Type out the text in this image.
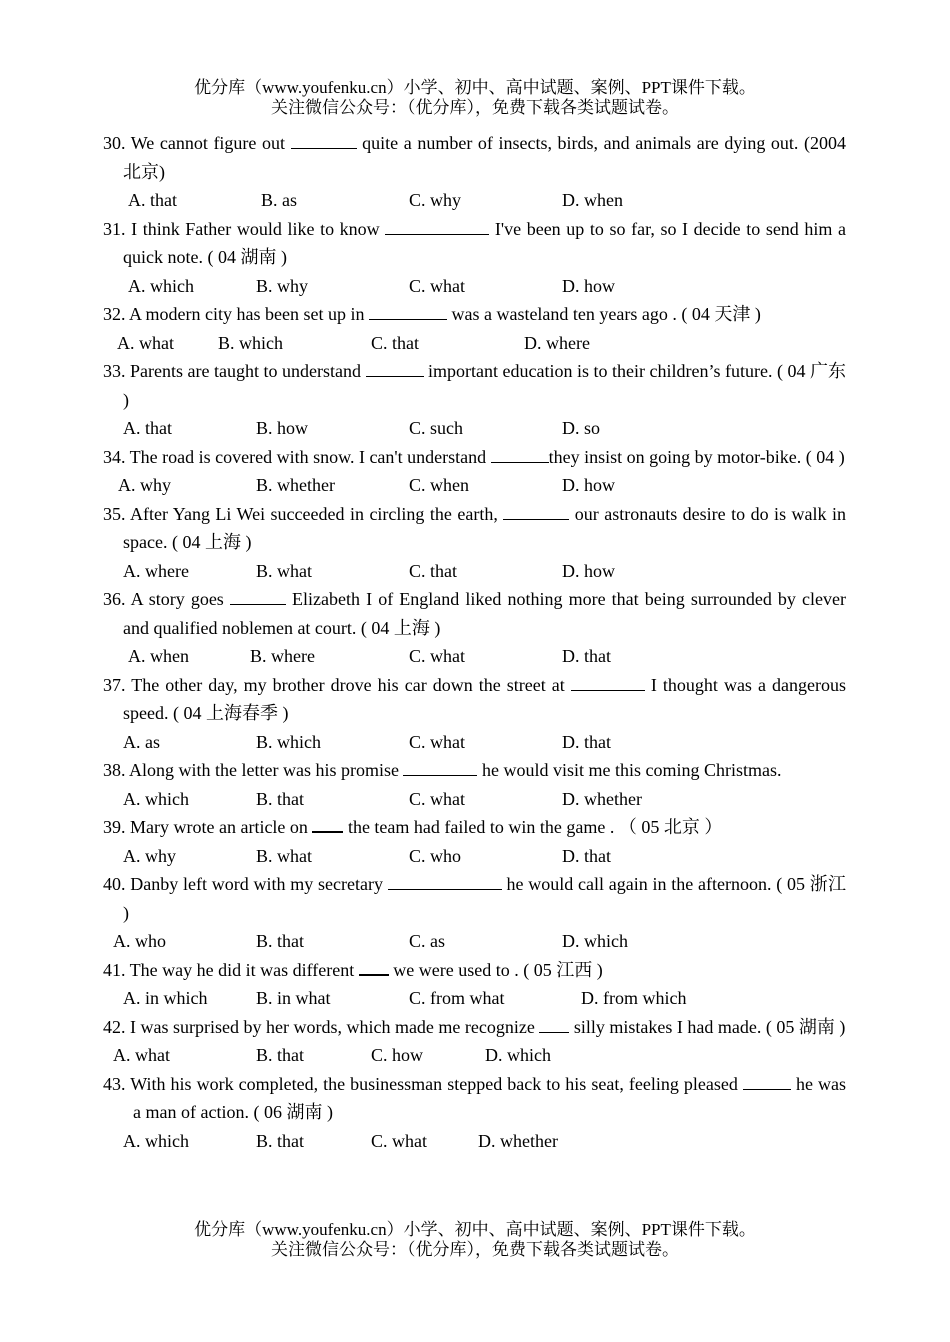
优分库（www.youfenku.cn）小学、初中、高中试题、案例、PPT课件下载。
关注微信公众号：（优分库），免费下载各类试题试卷。
30. We cannot figure out	quite a number of insects, birds, and animals are dying out. (2004 北京)
A. that	B. as	C. why	D. when
31. I think Father would like to know	I've been up to so far, so I decide to send him a quick note. ( 04 湖南 )
A. which	B. why	C. what	D. how
32. A modern city has been set up in	was a wasteland ten years ago . ( 04 天津 )
A. what B. which	C. that	D. where
33. Parents are taught to understand	important education is to their children’s future. ( 04 广东 )
A. that	B. how	C. such	D. so
34. The road is covered with snow. I can't understand	they insist on going by motor-bike. ( 04 )
A. why	B. whether	C. when	D. how
35. After Yang Li Wei succeeded in circling the earth,	our astronauts desire to do is walk in space. ( 04 上海 )
A. where	B. what	C. that	D. how
36. A story goes	Elizabeth I of England liked nothing more that being surrounded by clever and qualified noblemen at court. ( 04 上海 )
A. when	B. where	C. what	D. that
37. The other day, my brother drove his car down the street at	I thought was a dangerous speed. ( 04 上海春季 )
A. as	B. which	C. what	D. that
38. Along with the letter was his promise	he would visit me this coming Christmas.
A. which	B. that	C. what	D. whether
39. Mary wrote an article on  the team had failed to win the game . （ 05 北京 ）
A. why	B. what	C. who	D. that
40. Danby left word with my secretary	he would call again in the afternoon. ( 05 浙江 )
A. who	B. that	C. as	D. which
41. The way he did it was different  we were used to . ( 05 江西 )
A. in which	B. in what	C. from what	D. from which
42. I was surprised by her words, which made me recognize  silly mistakes I had made. ( 05 湖南 )
A. what	B. that	C. how	D. which
43. With his work completed, the businessman stepped back to his seat, feeling pleased	he was a man of action. ( 06 湖南 )
A. which	B. that	C. what	D. whether
优分库（www.youfenku.cn）小学、初中、高中试题、案例、PPT课件下载。
关注微信公众号：（优分库），免费下载各类试题试卷。
